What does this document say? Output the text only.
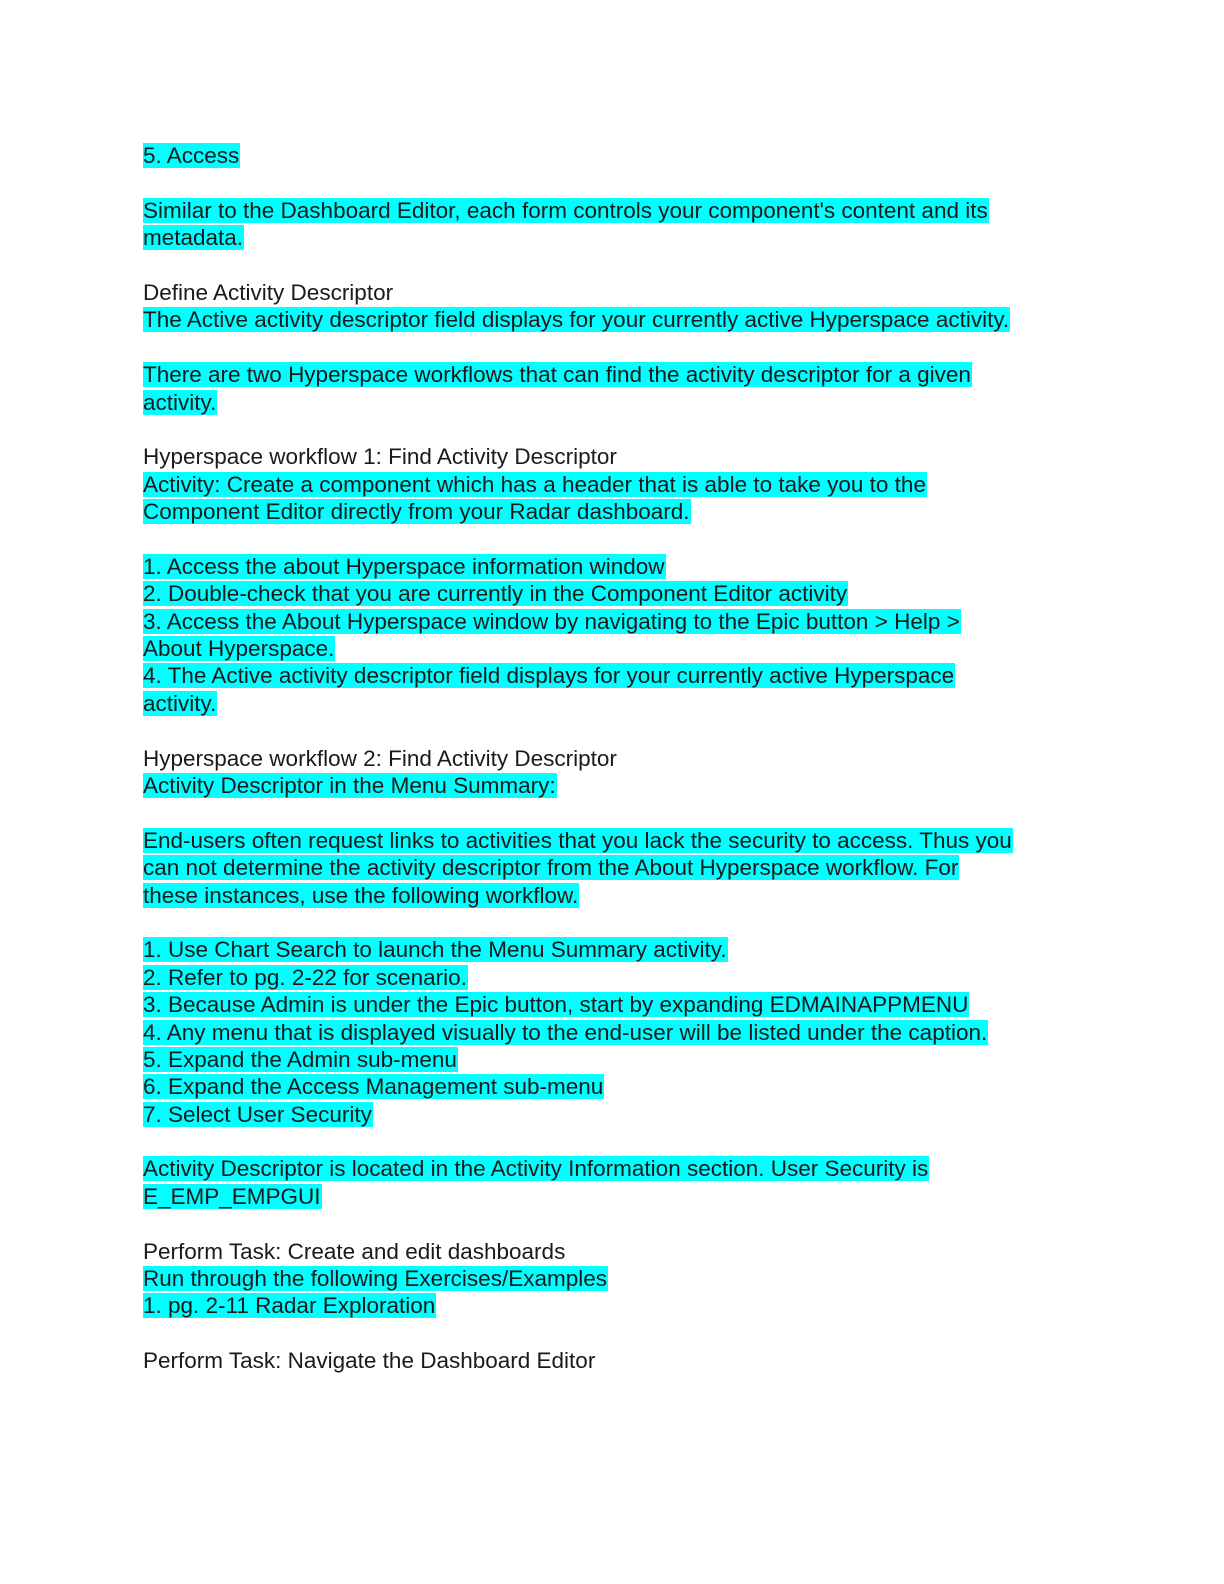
5. Access
Similar to the Dashboard Editor, each form controls your component's content and its
metadata.
Define Activity Descriptor
The Active activity descriptor field displays for your currently active Hyperspace activity.
There are two Hyperspace workflows that can find the activity descriptor for a given
activity.
Hyperspace workflow 1: Find Activity Descriptor
Activity: Create a component which has a header that is able to take you to the
Component Editor directly from your Radar dashboard.
1. Access the about Hyperspace information window
2. Double-check that you are currently in the Component Editor activity
3. Access the About Hyperspace window by navigating to the Epic button > Help >
About Hyperspace.
4. The Active activity descriptor field displays for your currently active Hyperspace
activity.
Hyperspace workflow 2: Find Activity Descriptor
Activity Descriptor in the Menu Summary:
End-users often request links to activities that you lack the security to access. Thus you
can not determine the activity descriptor from the About Hyperspace workflow. For
these instances, use the following workflow.
1. Use Chart Search to launch the Menu Summary activity.
2. Refer to pg. 2-22 for scenario.
3. Because Admin is under the Epic button, start by expanding EDMAINAPPMENU
4. Any menu that is displayed visually to the end-user will be listed under the caption.
5. Expand the Admin sub-menu
6. Expand the Access Management sub-menu
7. Select User Security
Activity Descriptor is located in the Activity Information section. User Security is
E_EMP_EMPGUI
Perform Task: Create and edit dashboards
Run through the following Exercises/Examples
1. pg. 2-11 Radar Exploration
Perform Task: Navigate the Dashboard Editor
